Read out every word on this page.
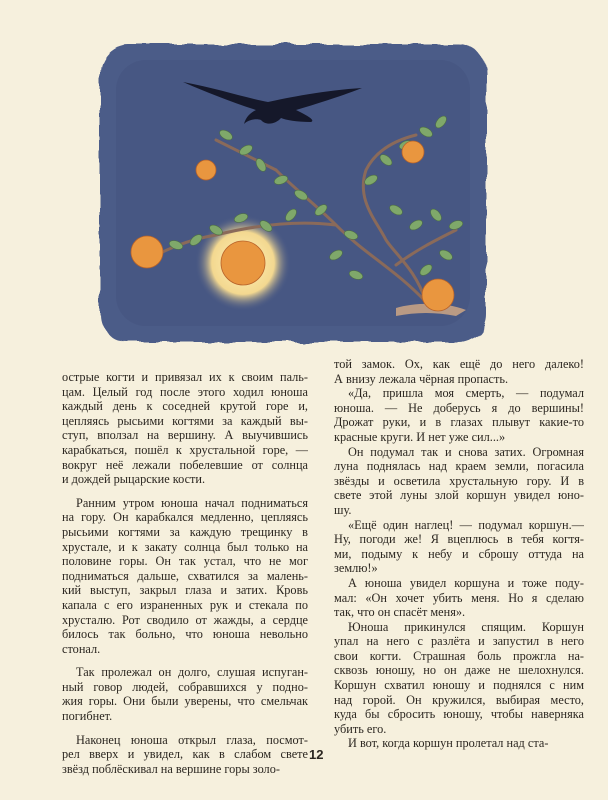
острые когти и привязал их к своим паль-
цам. Целый год после этого ходил юноша
каждый день к соседней крутой горе и,
цепляясь рысьими когтями за каждый вы-
ступ, вползал на вершину. А выучившись
карабкаться, пошёл к хрустальной горе, —
вокруг неё лежали побелевшие от солнца
и дождей рыцарские кости.
Ранним утром юноша начал подниматься
на гору. Он карабкался медленно, цепляясь
рысьими когтями за каждую трещинку в
хрустале, и к закату солнца был только на
половине горы. Он так устал, что не мог
подниматься дальше, схватился за малень-
кий выступ, закрыл глаза и затих. Кровь
капала с его израненных рук и стекала по
хрусталю. Рот сводило от жажды, а сердце
билось так больно, что юноша невольно
стонал.
Так пролежал он долго, слушая испуган-
ный говор людей, собравшихся у подно-
жия горы. Они были уверены, что смельчак
погибнет.
Наконец юноша открыл глаза, посмот-
рел вверх и увидел, как в слабом свете
звёзд поблёскивал на вершине горы золо-
той замок. Ох, как ещё до него далеко!
А внизу лежала чёрная пропасть.
«Да, пришла моя смерть, — подумал
юноша. — Не доберусь я до вершины!
Дрожат руки, и в глазах плывут какие-то
красные круги. И нет уже сил...»
Он подумал так и снова затих. Огромная
луна поднялась над краем земли, погасила
звёзды и осветила хрустальную гору. И в
свете этой луны злой коршун увидел юно-
шу.
«Ещё один наглец! — подумал коршун.—
Ну, погоди же! Я вцеплюсь в тебя когтя-
ми, подыму к небу и сброшу оттуда на
землю!»
А юноша увидел коршуна и тоже поду-
мал: «Он хочет убить меня. Но я сделаю
так, что он спасёт меня».
Юноша прикинулся спящим. Коршун
упал на него с разлёта и запустил в него
свои когти. Страшная боль прожгла на-
сквозь юношу, но он даже не шелохнулся.
Коршун схватил юношу и поднялся с ним
над горой. Он кружился, выбирая место,
куда бы сбросить юношу, чтобы наверняка
убить его.
И вот, когда коршун пролетал над ста-
12
